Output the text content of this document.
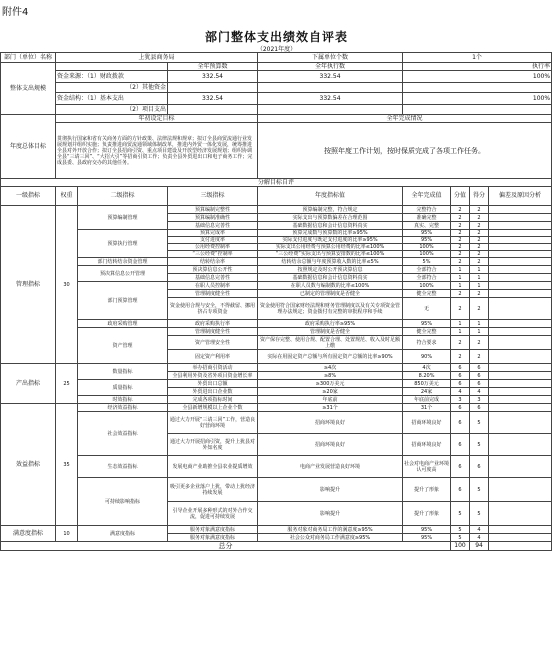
附件4
部门整体支出绩效自评表
（2021年度）
部门（单位）名称	上犹县商务局			下属单位个数	1个			
整体支出规模			全年预算数	全年执行数	执行率			
	资金来源：（1）财政拨款		332.54	332.54	100%			
	（2）其他资金							
	资金结构：（1）基本支出		332.54	332.54	100%			
	（2）项目支出							
年度总体目标	年初设定目标			全年完成情况				
	贯彻执行国家和省有关商务方面的方针政策、法律法规和规章；拟订全县商贸流通行业发展规划并组织实施；负责推进商贸流通领域体制改革，推进内外贸一体化发展，统筹推进全县对外开放合作；拟订全县招商引资、重点项目建设及开放型经济发展规划；组织协调全县“三请三回”、“大招大引”等招商引资工作；负责全县外贸进出口和电子商务工作；完成县委、县政府交办的其他任务。			按照年度工作计划，按时保质完成了各项工作任务。				
分解目标自评								
一级指标	权重	二级指标	三级指标	年度指标值	全年完成值	分值	得分	偏差及原因分析
管理指标	30	预算编制管理	预算编制完整性	预算编制完整，符合规定	完整符合	2	2	
			预算编制准确性	实际支出与预算数偏差在合理范围	准确完整	2	2	
			基础信息完善性	基础数据信息和会计信息资料真实	真实、完整	2	2	
		预算执行管理	预算完成率	预算完成数与预算数的比率≥95%	95%	2	2	
			支付进度率	实际支付进度与既定支付进度的比率≥95%	95%	2	2	
			公用经费控制率	实际支出公用经费与预算公用经费的比率≤100%	100%	2	2	
			“三公经费”控制率	“三公经费”实际支出与预算安排数的比率≤100%	100%	2	2	
		部门结转结余资金管理	结转结余率	结转结余总额与年度预算收入数的比率≤5%	5%	2	2	
		预决算信息公开管理	预决算信息公开性	按照规定及时公开预决算信息	全部符合	1	1	
			基础信息完善性	基础数据信息和会计信息资料真实	全部符合	1	1	
		部门预算管理	在职人员控制率	在职人员数与编制数的比率≤100%	100%	1	1	
			管理制度健全性	已制定的管理制度是否健全	健全完整	2	2	
			资金使用合规与安全，不得截留、挪用挤占专项资金	资金使用符合国家财经法规和财务管理制度以及有关专项资金管理办法规定；资金拨付有完整的审批程序和手续	无	2	2	
		政府采购管理	政府采购执行率	政府采购执行率≥95%	95%	1	1	
		资产管理	管理制度健全性	管理制度是否健全	健全完整	1	1	
			资产管理安全性	资产保存完整、使用合规、配置合理、处置规范、收入及时足额上缴	符合要求	2	2	
			固定资产利用率	实际在用固定资产总额与所有固定资产总额的比率≥90%	90%	2	2	
产出指标	25	数量指标	举办招商引资活动	≥4次	4次	6	6	
			全县利用外资及省外项目资金增长率	≥8%	8.20%	6	6	
		质量指标	外贸出口总额	≥300万美元	850万美元	6	6	
			外贸进出口企业数	≥20家	24家	4	4	
		时效指标	完成各项指标时间	年底前	年底前完成	3	3	
效益指标	35	经济效益指标	全县新增规模以上企业个数	≥31个	31个	6	6	
		社会效益指标	通过大力开展“三请三回”工作，营造良好营商环境	招商环境良好	招商环境良好	6	5	
			通过大力开展招商引资，提升上犹县对外知名度	招商环境良好	招商环境良好	6	5	
		生态效益指标	发展电商产业助推全县农业提质增效	电商产业发展营造良好环境	社会对电商产业环境认可度高	6	6	
		可持续影响指标	吸引更多企业落户上犹，带动上犹经济持续发展	影响提升	提升了形象	6	5	
			引导企业开展多种形式的对外合作交流，促进可持续发展	影响提升	提升了形象	5	5	
满意度指标	10	满意度指标	服务对象满意度指标	服务对象对商务局工作的满意度≥95%	95%	5	4	
			服务对象满意度指标	社会公众对商务局工作满意度≥95%	95%	5	4	
总分						100	94	
